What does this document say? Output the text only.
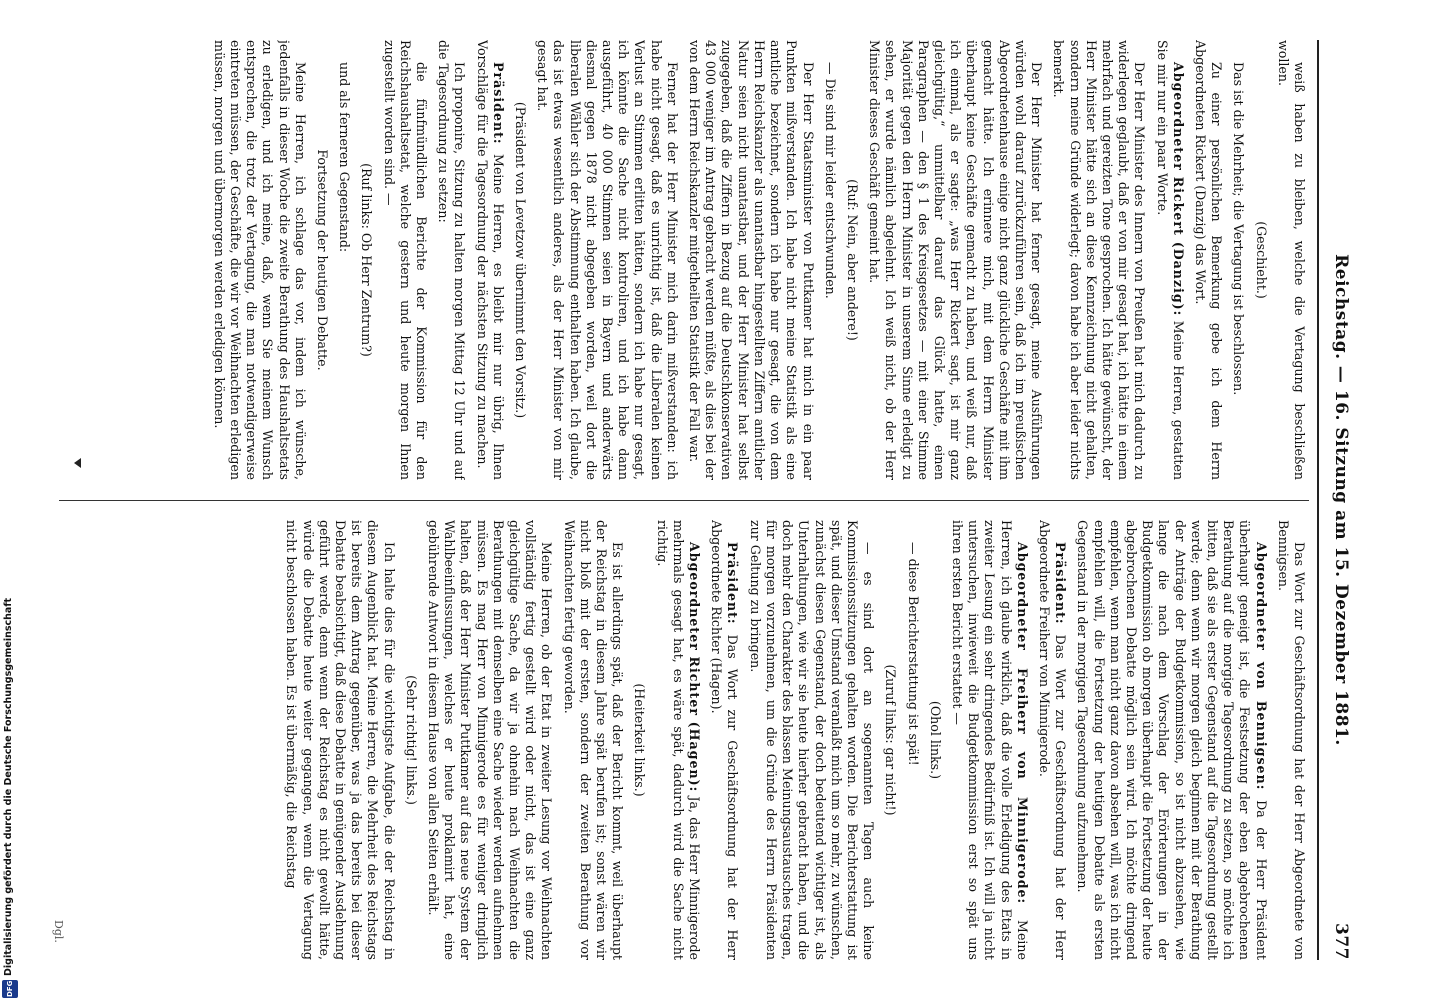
Reichstag. — 16. Sitzung am 15. Dezember 1881.
377

weiß haben zu bleiben, welche die Vertagung beschließen wollen.

(Geschieht.)

Das ist die Mehrheit; die Vertagung ist beschlossen.

Zu einer persönlichen Bemerkung gebe ich dem Herrn Abgeordneten Rickert (Danzig) das Wort.

Abgeordneter Rickert (Danzig): Meine Herren, gestatten Sie mir nur ein paar Worte.

Der Herr Minister des Innern von Preußen hat mich dadurch zu widerlegen geglaubt, daß er von mir gesagt hat, ich hätte in einem mehrfach und gereizten Tone gesprochen. Ich hätte gewünscht, der Herr Minister hätte sich an diese Kennzeichnung nicht gehalten, sondern meine Gründe widerlegt; davon habe ich aber leider nichts bemerkt.

Der Herr Minister hat ferner gesagt, meine Ausführungen würden wohl darauf zurückzuführen sein, daß ich im preußischen Abgeordnetenhause einige nicht ganz glückliche Geschäfte mit ihm gemacht hätte. Ich erinnere mich, mit dem Herrn Minister überhaupt keine Geschäfte gemacht zu haben, und weiß nur, daß ich einmal, als er sagte: „was Herr Rickert sagt, ist mir ganz gleichgültig,“ unmittelbar darauf das Glück hatte, einen Paragraphen — den § 1 des Kreisgesetzes — mit einer Stimme Majorität gegen den Herrn Minister in unserem Sinne erledigt zu sehen, er wurde nämlich abgelehnt. Ich weiß nicht, ob der Herr Minister dieses Geschäft gemeint hat.

(Ruf: Nein, aber andere!)

— Die sind mir leider entschwunden.

Der Herr Staatsminister von Puttkamer hat mich in ein paar Punkten mißverstanden. Ich habe nicht meine Statistik als eine amtliche bezeichnet, sondern ich habe nur gesagt, die von dem Herrn Reichskanzler als unantastbar hingestellten Ziffern amtlicher Natur seien nicht unantastbar, und der Herr Minister hat selbst zugegeben, daß die Ziffern in Bezug auf die Deutschkonservativen 43 000 weniger im Antrag gebracht werden müßte, als dies bei der von dem Herrn Reichskanzler mitgetheilten Statistik der Fall war.

Ferner hat der Herr Minister mich darin mißverstanden: ich habe nicht gesagt, daß es unrichtig ist, daß die Liberalen keinen Verlust an Stimmen erlitten hätten, sondern ich habe nur gesagt, ich könnte die Sache nicht kontroliren, und ich habe dann ausgeführt, 40 000 Stimmen seien in Bayern und anderwärts diesmal gegen 1878 nicht abgegeben worden, weil dort die liberalen Wähler sich der Abstimmung enthalten haben. Ich glaube, das ist etwas wesentlich anderes, als der Herr Minister von mir gesagt hat.

(Präsident von Levetzow übernimmt den Vorsitz.)

Präsident: Meine Herren, es bleibt mir nur übrig, Ihnen Vorschläge für die Tagesordnung der nächsten Sitzung zu machen.

Ich proponire, Sitzung zu halten morgen Mittag 12 Uhr und auf die Tagesordnung zu setzen:

die fünfmündlichen Berichte der Kommission für den Reichshaushaltsetat, welche gestern und heute morgen Ihnen zugestellt worden sind. —

(Ruf links: Ob Herr Zentrum?)

und als ferneren Gegenstand:

Fortsetzung der heutigen Debatte.

Meine Herren, ich schlage das vor, indem ich wünsche, jedenfalls in dieser Woche die zweite Berathung des Haushaltsetats zu erledigen, und ich meine, daß, wenn Sie meinem Wunsch entsprechen, die trotz der Vertagung, die man notwendigerweise eintreten müssen, der Geschäfte, die wir vor Weihnachten erledigen müssen, morgen und übermorgen werden erledigen können.

Das Wort zur Geschäftsordnung hat der Herr Abgeordnete von Bennigsen.

Abgeordneter von Bennigsen: Da der Herr Präsident überhaupt geneigt ist, die Festsetzung der eben abgebrochenen Berathung auf die morgige Tagesordnung zu setzen, so möchte ich bitten, daß sie als erster Gegenstand auf die Tagesordnung gestellt werde; denn wenn wir morgen gleich beginnen mit der Berathung der Anträge der Budgetkommission, so ist nicht abzusehen, wie lange die nach dem Vorschlag der Erörterungen in der Budgetkommission ob morgen überhaupt die Fortsetzung der heute abgebrochenen Debatte möglich sein wird. Ich möchte dringend empfehlen, wenn man nicht ganz davon absehen will, was ich nicht empfehlen will, die Fortsetzung der heutigen Debatte als ersten Gegenstand in der morgigen Tagesordnung aufzunehmen.

Präsident: Das Wort zur Geschäftsordnung hat der Herr Abgeordnete Freiherr von Minnigerode.

Abgeordneter Freiherr von Minnigerode: Meine Herren, ich glaube wirklich, daß die volle Erledigung des Etats in zweiter Lesung ein sehr dringendes Bedürfniß ist. Ich will ja nicht untersuchen, inwieweit die Budgetkommission erst so spät uns ihren ersten Bericht erstattet —

(Ohol links.)

— diese Berichterstattung ist spät!

(Zuruf links: gar nicht!)

— es sind dort an sogenannten Tagen auch keine Kommissionssitzungen gehalten worden. Die Berichterstattung ist spät, und dieser Umstand veranlaßt mich um so mehr, zu wünschen, zunächst diesen Gegenstand, der doch bedeutend wichtiger ist, als Unterhaltungen, wie wir sie heute hierher gebracht haben, und die doch mehr den Charakter des blassen Meinungsaustausches tragen, für morgen vorzunehmen, um die Gründe des Herrn Präsidenten zur Geltung zu bringen.

Präsident: Das Wort zur Geschäftsordnung hat der Herr Abgeordnete Richter (Hagen).

Abgeordneter Richter (Hagen): Ja, das Herr Minnigerode mehrmals gesagt hat, es wäre spät, dadurch wird die Sache nicht richtig.

(Heiterkeit links.)

Es ist allerdings spät, daß der Bericht kommt, weil überhaupt der Reichstag in diesem Jahre spät berufen ist; sonst wären wir nicht bloß mit der ersten, sondern der zweiten Berathung vor Weihnachten fertig geworden.

Meine Herren, ob der Etat in zweiter Lesung vor Weihnachten vollständig fertig gestellt wird oder nicht, das ist eine ganz gleichgültige Sache, da wir ja ohnehin nach Weihnachten die Berathungen mit demselben eine Sache wieder werden aufnehmen müssen. Es mag Herr von Minnigerode es für weniger dringlich halten, daß der Herr Minister Puttkamer auf das neue System der Wahlbeeinflussungen, welches er heute proklamirt hat, eine gebührende Antwort in diesem Hause von allen Seiten erhält.

(Sehr richtig! links.)

Ich halte dies für die wichtigste Aufgabe, die der Reichstag in diesem Augenblick hat. Meine Herren, die Mehrheit des Reichstags ist bereits dem Antrag gegenüber, was ja das bereits bei dieser Debatte beabsichtigt, daß diese Debatte in genügender Ausdehnung geführt werde, denn wenn der Reichstag es nicht gewollt hätte, würde die Debatte heute weiter gegangen, wenn die Vertagung nicht beschlossen haben. Es ist übermäßig, die Reichstag

Dgl.
Digitalisierung gefördert durch die Deutsche Forschungsgemeinschaft
DFG
